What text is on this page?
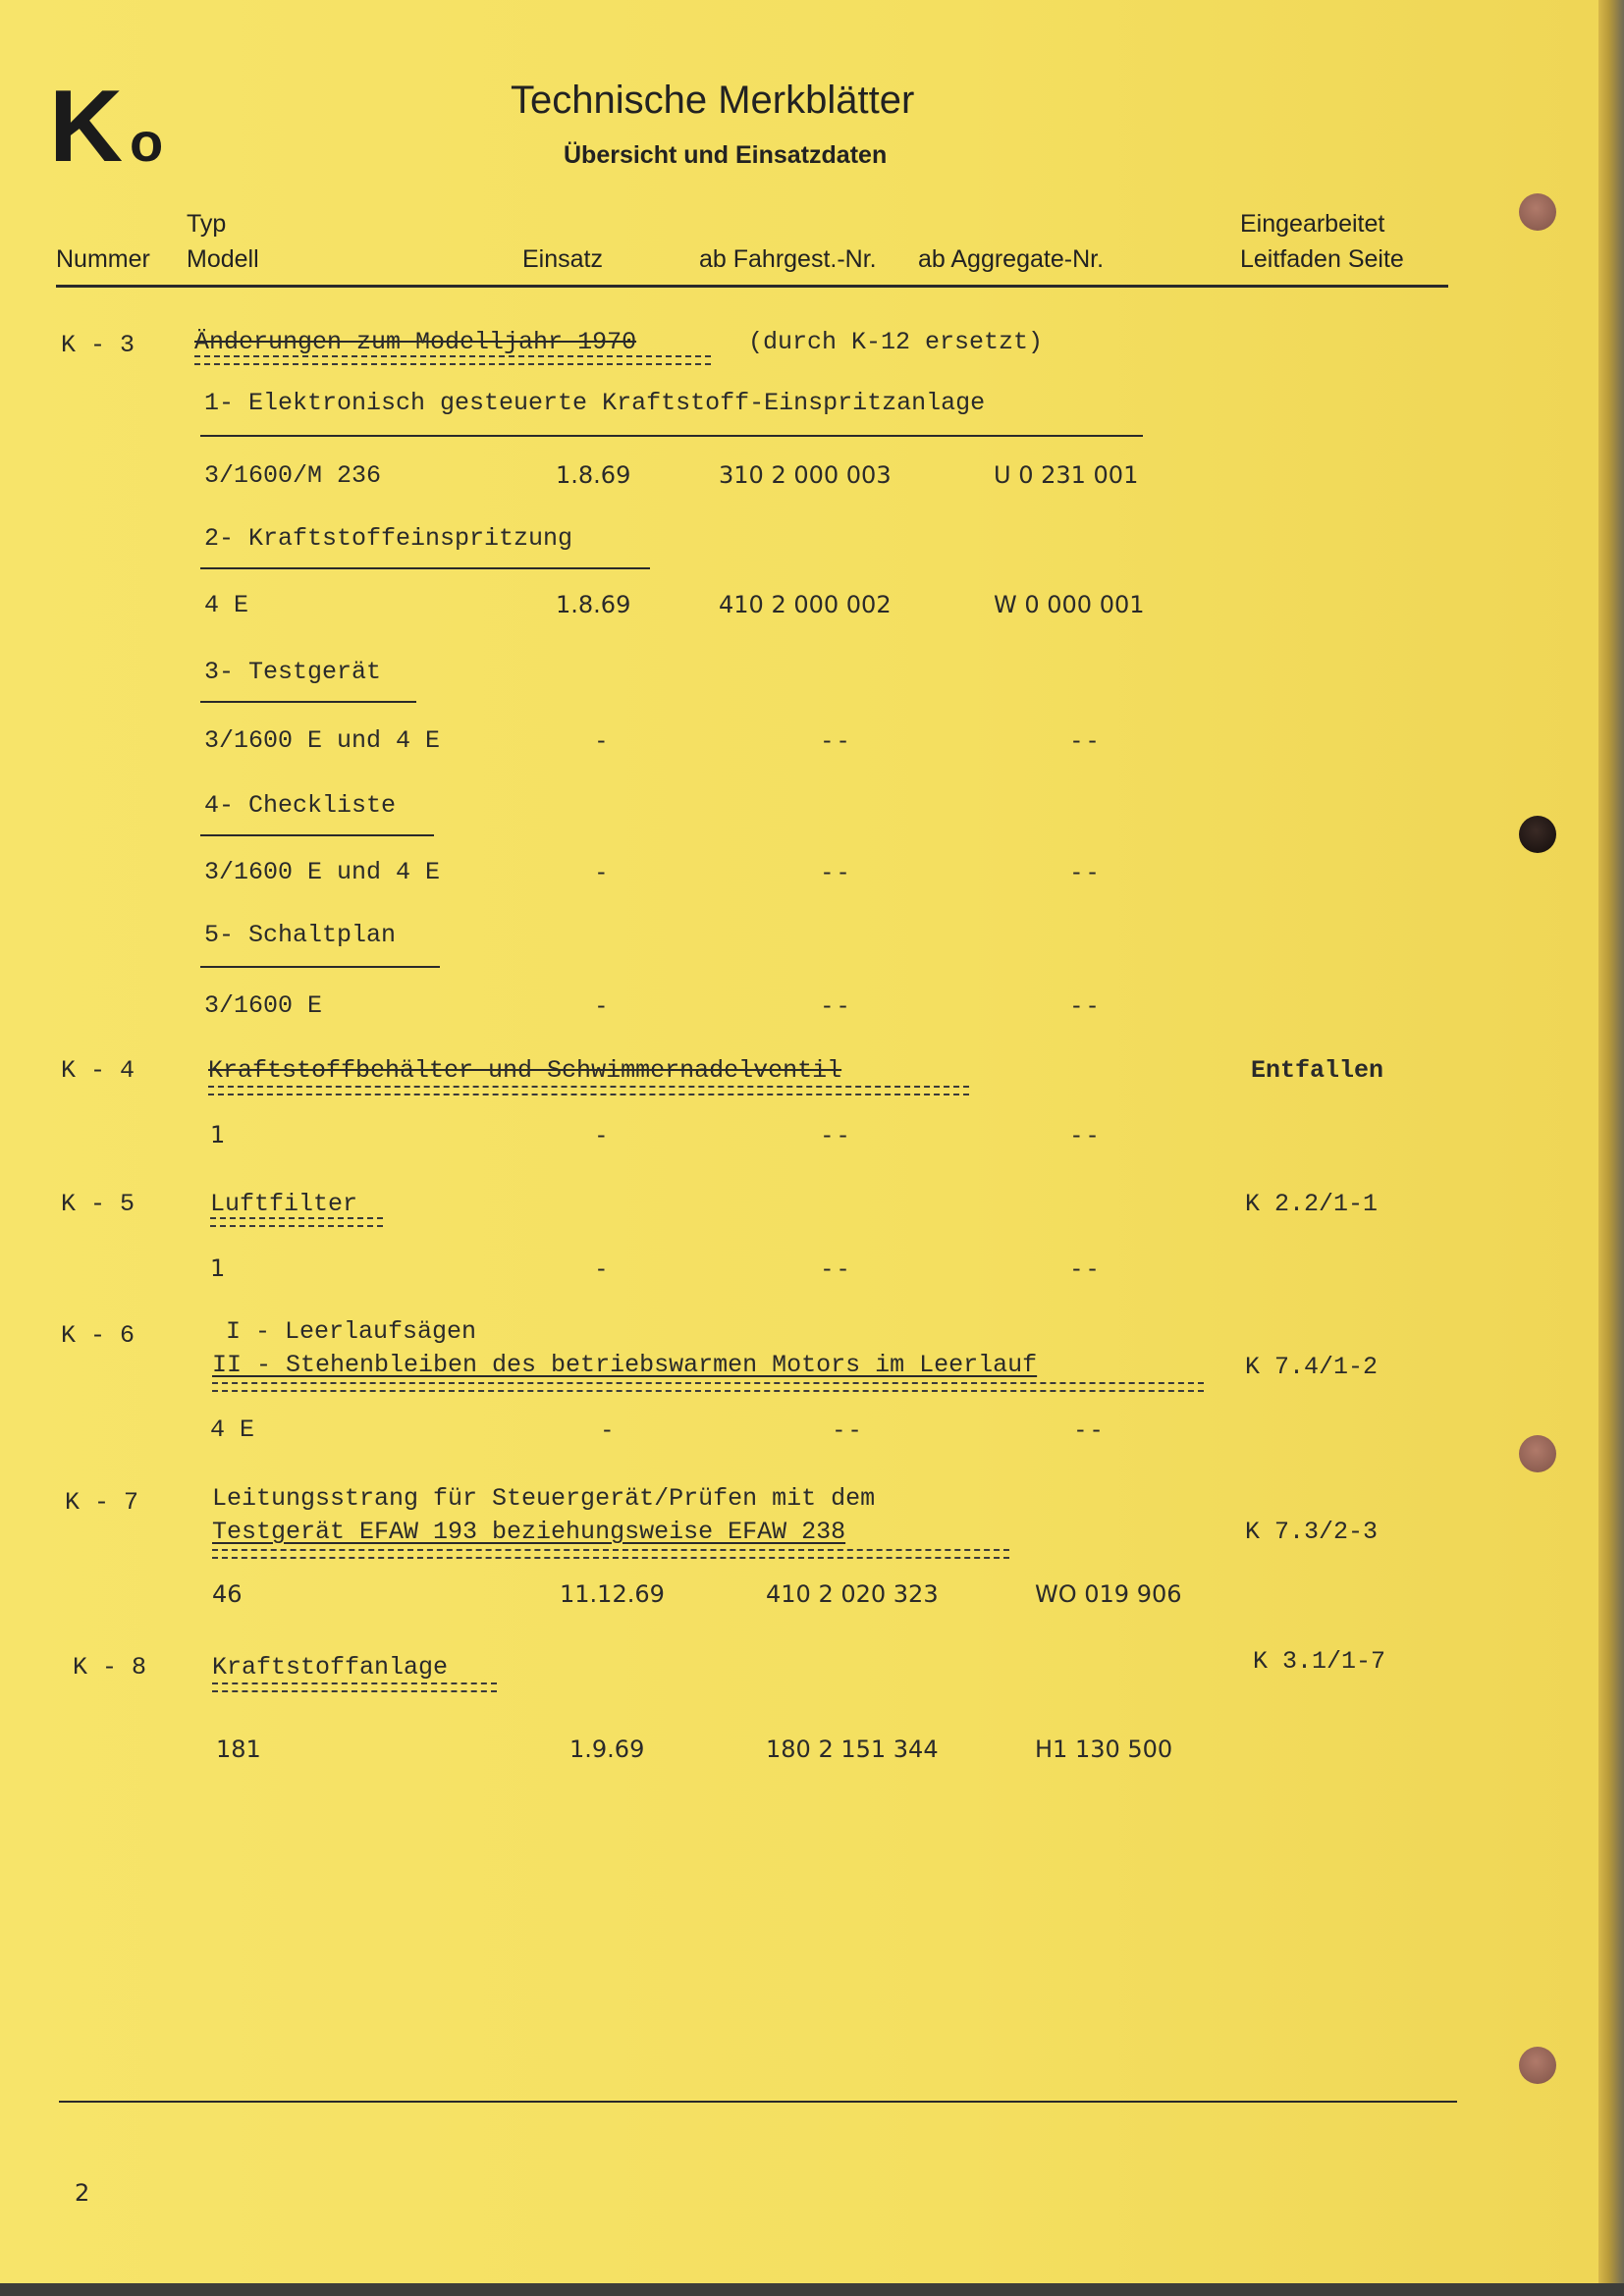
K o
Technische Merkblätter
Übersicht und Einsatzdaten
Typ
Nummer Modell	Einsatz	ab Fahrgest.-Nr. ab Aggregate-Nr.
Eingearbeitet
Leitfaden Seite
K - 3 Änderungen zum Modelljahr 1970	(durch K-12 ersetzt)
1- Elektronisch gesteuerte Kraftstoff-Einspritzanlage
3/1600/M 236	1.8.69	310 2 000 003	U 0 231 001
2- Kraftstoffeinspritzung
4 E	1.8.69	410 2 000 002	W 0 000 001
3- Testgerät
3/1600 E und 4 E	-	- -	- -
4- Checkliste
3/1600 E und 4 E	-	- -	- -
5- Schaltplan
3/1600 E	-	- -	- -
K - 4	Kraftstoffbehälter und Schwimmernadelventil	Entfallen
1	-	- -	- -
K - 5	Luftfilter	K 2.2/1-1
1	-	- -	- -
K - 6	I - Leerlaufsägen
II - Stehenbleiben des betriebswarmen Motors im Leerlauf	K 7.4/1-2
4 E	-	- -	- -
K - 7	Leitungsstrang für Steuergerät/Prüfen mit dem
Testgerät EFAW 193 beziehungsweise EFAW 238	K 7.3/2-3
46	11.12.69	410 2 020 323	WO 019 906
K - 8	Kraftstoffanlage	K 3.1/1-7
181	1.9.69	180 2 151 344	H1 130 500
2
